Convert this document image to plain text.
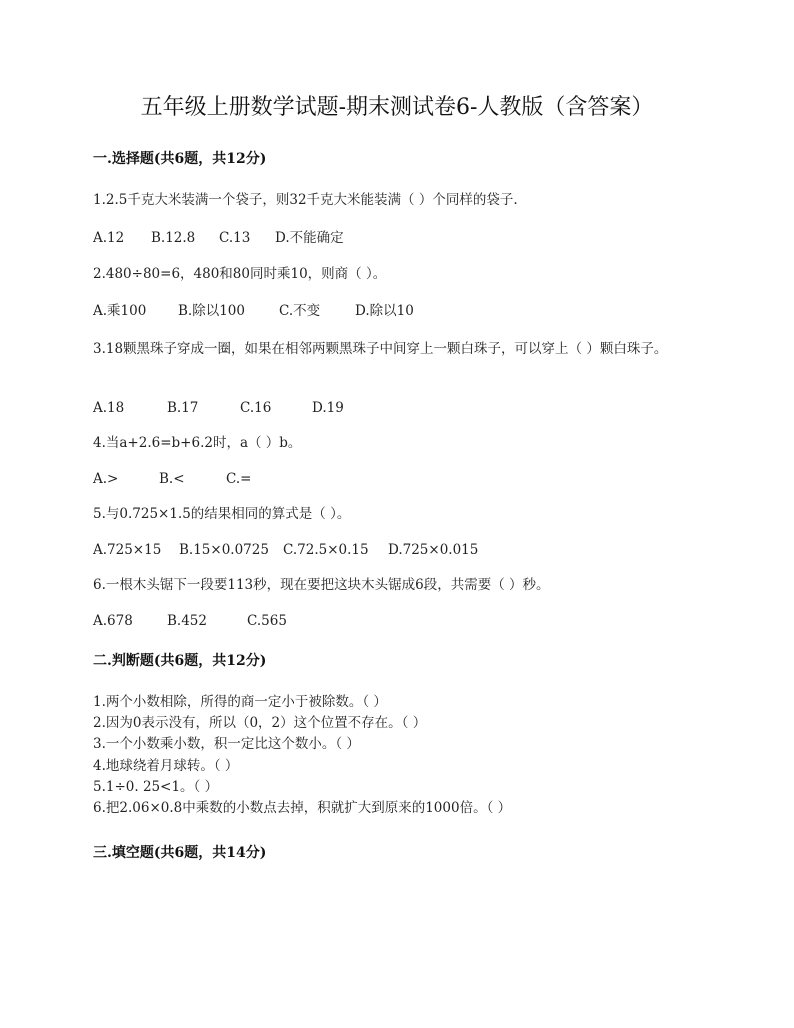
五年级上册数学试题-期末测试卷6-人教版（含答案）
一.选择题(共6题，共12分)
1.2.5千克大米装满一个袋子，则32千克大米能装满（ ）个同样的袋子.
A.12 B.12.8 C.13 D.不能确定
2.480÷80=6，480和80同时乘10，则商（ ）。
A.乘100 B.除以100	C.不变	D.除以10
3.18颗黑珠子穿成一圈，如果在相邻两颗黑珠子中间穿上一颗白珠子，可以穿上（ ）颗白珠子。
A.18	B.17	C.16	D.19
4.当a+2.6=b+6.2时，a（ ）b。
A.>	B.<	C.=
5.与0.725×1.5的结果相同的算式是（ ）。
A.725×15 B.15×0.0725 C.72.5×0.15 D.725×0.015
6.一根木头锯下一段要113秒，现在要把这块木头锯成6段，共需要（ ）秒。
A.678	B.452	C.565
二.判断题(共6题，共12分)
1.两个小数相除，所得的商一定小于被除数。（ ）
2.因为0表示没有，所以（0，2）这个位置不存在。（ ）
3.一个小数乘小数，积一定比这个数小。（ ）
4.地球绕着月球转。（ ）
5.1÷0. 25<1。（ ）
6.把2.06×0.8中乘数的小数点去掉，积就扩大到原来的1000倍。（ ）
三.填空题(共6题，共14分)
